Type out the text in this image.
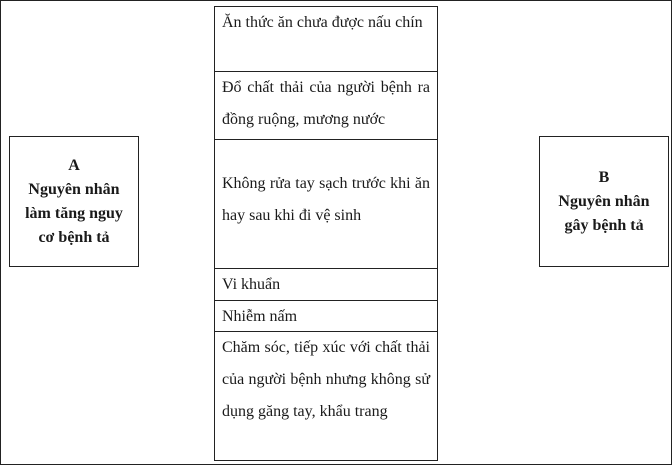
A
Nguyên nhân
làm tăng nguy
cơ bệnh tả
Ăn thức ăn chưa được nấu chín
Đổ chất thải của người bệnh ra đồng ruộng, mương nước
Không rửa tay sạch trước khi ăn hay sau khi đi vệ sinh
Vi khuẩn
Nhiễm nấm
Chăm sóc, tiếp xúc với chất thải của người bệnh nhưng không sử dụng găng tay, khẩu trang
B
Nguyên nhân
gây bệnh tả
